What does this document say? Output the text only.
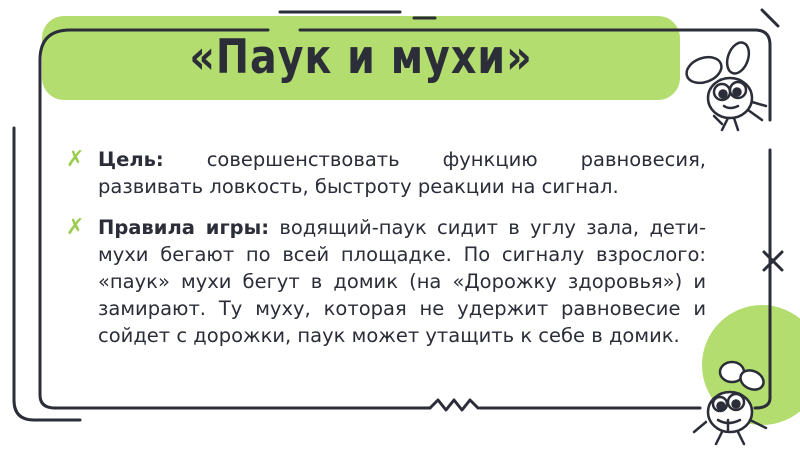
«Паук и мухи»
✗ Цель: совершенствовать функцию равновесия, развивать ловкость, быстроту реакции на сигнал.
✗ Правила игры: водящий-паук сидит в углу зала, дети-мухи бегают по всей площадке. По сигналу взрослого: «паук» мухи бегут в домик (на «Дорожку здоровья») и замирают. Ту муху, которая не удержит равновесие и сойдет с дорожки, паук может утащить к себе в домик.
